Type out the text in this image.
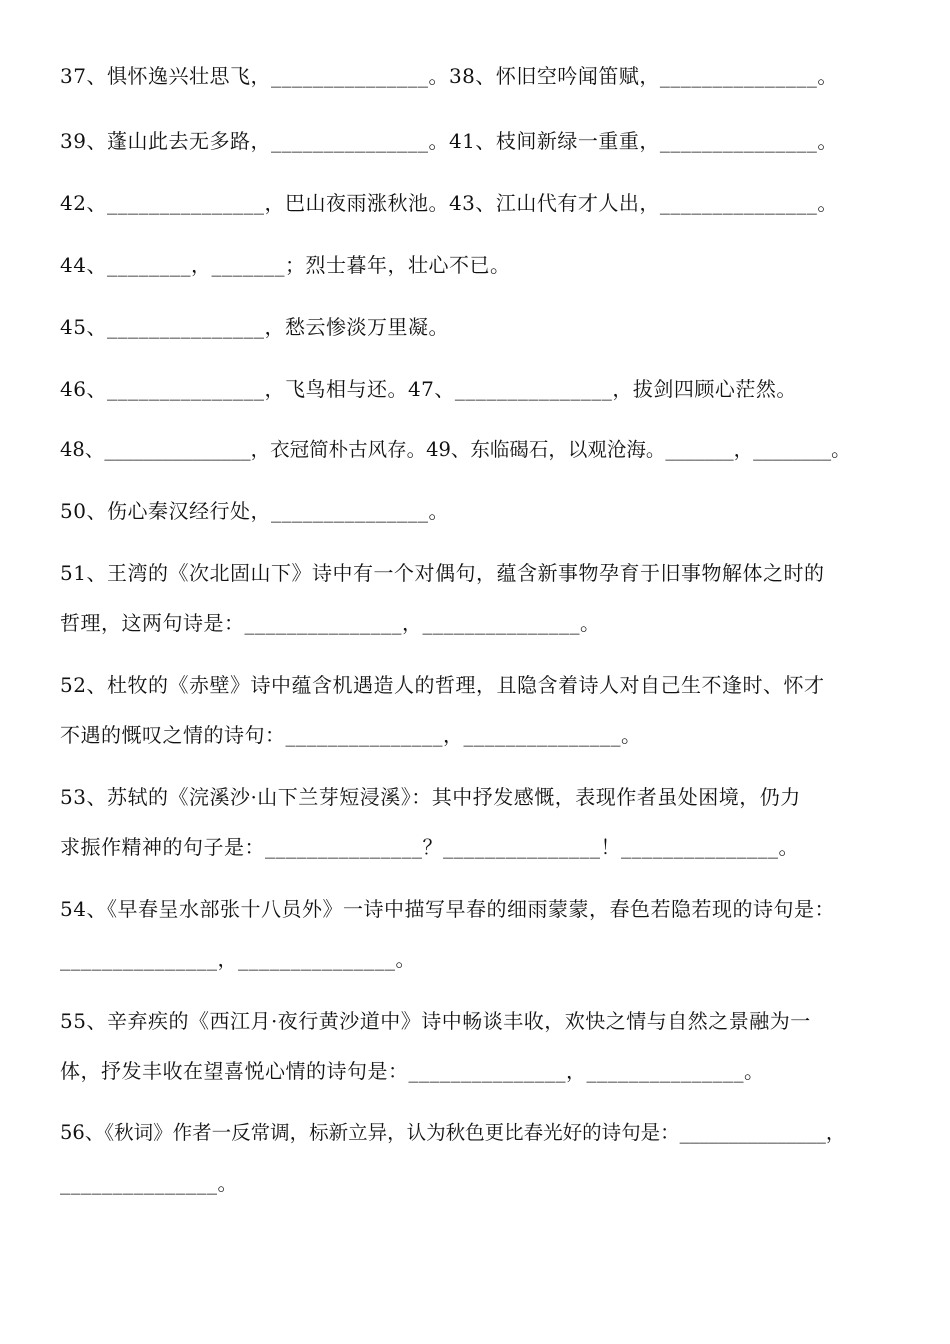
37、惧怀逸兴壮思飞，_______________。38、怀旧空吟闻笛赋，_______________。
39、蓬山此去无多路，_______________。41、枝间新绿一重重，_______________。
42、_______________，巴山夜雨涨秋池。43、江山代有才人出，_______________。
44、________，_______；烈士暮年，壮心不已。
45、_______________，愁云惨淡万里凝。
46、_______________，飞鸟相与还。47、_______________，拔剑四顾心茫然。
48、_______________，衣冠简朴古风存。49、东临碣石，以观沧海。_______，________。
50、伤心秦汉经行处，_______________。
51、王湾的《次北固山下》诗中有一个对偶句，蕴含新事物孕育于旧事物解体之时的
哲理，这两句诗是：_______________，_______________。
52、杜牧的《赤壁》诗中蕴含机遇造人的哲理，且隐含着诗人对自己生不逢时、怀才
不遇的慨叹之情的诗句：_______________，_______________。
53、苏轼的《浣溪沙·山下兰芽短浸溪》：其中抒发感慨，表现作者虽处困境，仍力
求振作精神的句子是：_______________？_______________！_______________。
54、《早春呈水部张十八员外》一诗中描写早春的细雨蒙蒙，春色若隐若现的诗句是：
_______________，_______________。
55、辛弃疾的《西江月·夜行黄沙道中》诗中畅谈丰收，欢快之情与自然之景融为一
体，抒发丰收在望喜悦心情的诗句是：_______________，_______________。
56、《秋词》作者一反常调，标新立异，认为秋色更比春光好的诗句是：_______________，
_______________。
